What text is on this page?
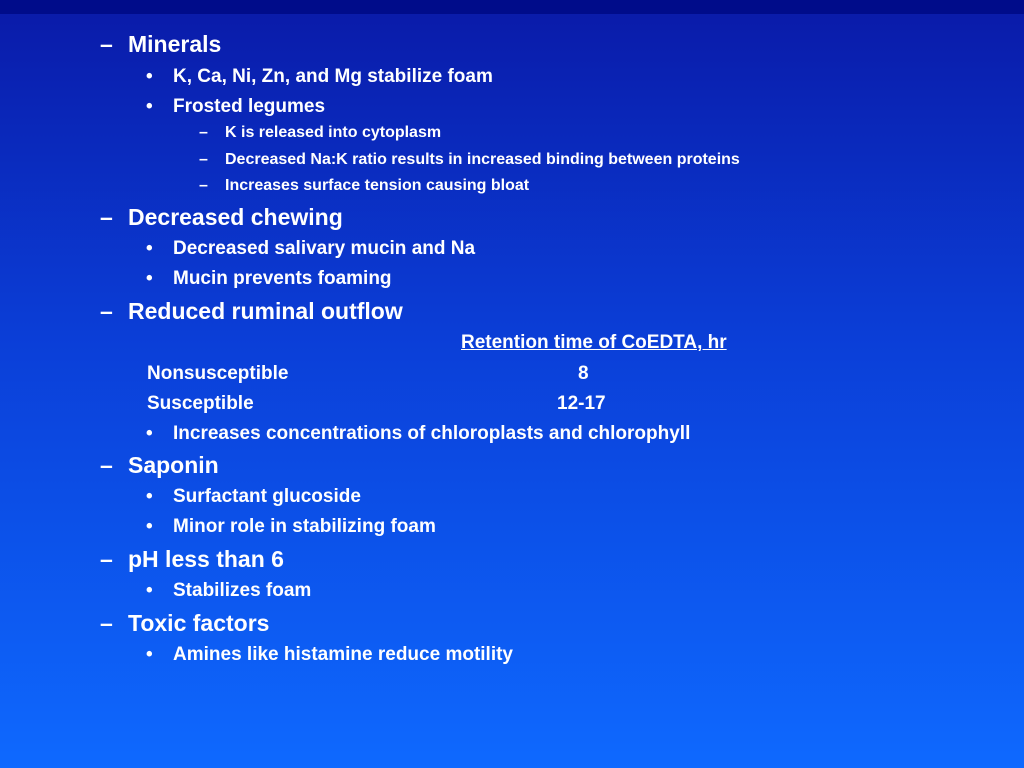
– Minerals
• K, Ca, Ni, Zn, and Mg stabilize foam
• Frosted legumes
– K is released into cytoplasm
– Decreased Na:K ratio results in increased binding between proteins
– Increases surface tension causing bloat
– Decreased chewing
• Decreased salivary mucin and Na
• Mucin prevents foaming
– Reduced ruminal outflow
Retention time of CoEDTA, hr
Nonsusceptible	8
Susceptible	12-17
• Increases concentrations of chloroplasts and chlorophyll
– Saponin
• Surfactant glucoside
• Minor role in stabilizing foam
– pH less than 6
• Stabilizes foam
– Toxic factors
• Amines like histamine reduce motility
